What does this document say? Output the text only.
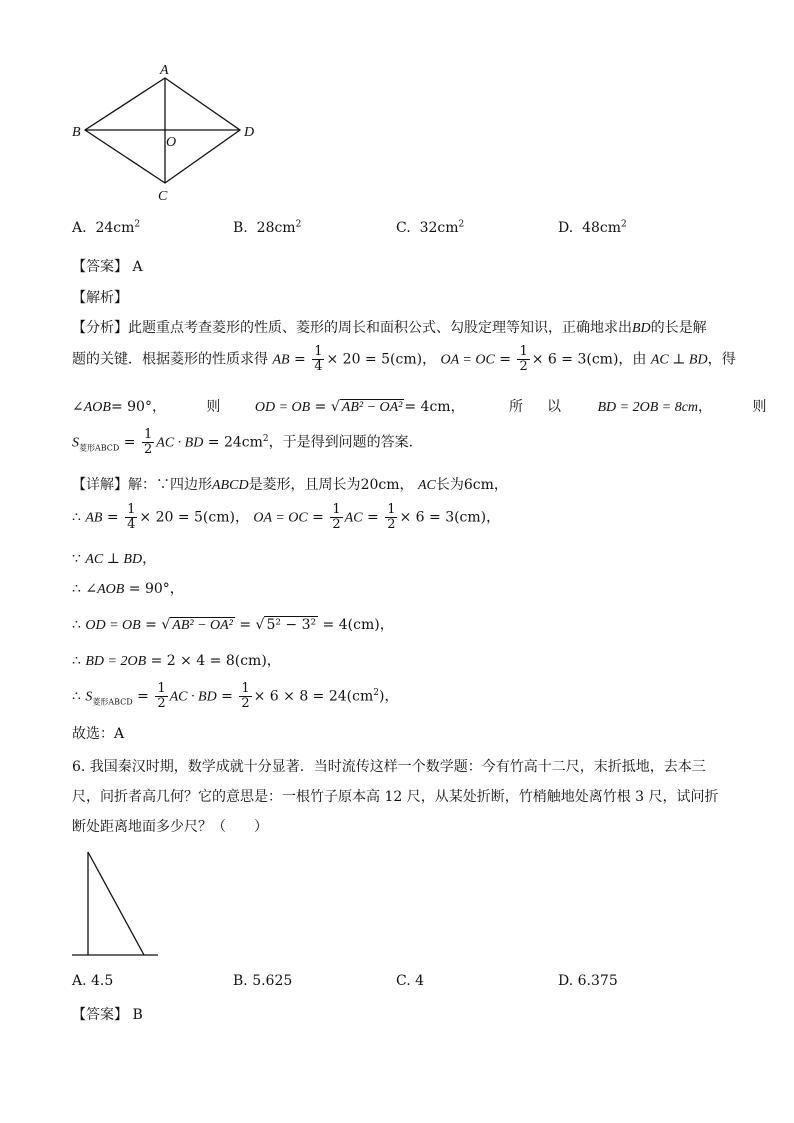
A
B
C
D
O
A. $24cm^2$	B. $28cm^2$	C. $32cm^2$	D. $48cm^2$
【答案】 A
【解析】
【分析】此题重点考查菱形的性质、菱形的周长和面积公式、勾股定理等知识，正确地求出BD的长是解
题的关键．根据菱形的性质求得 AB = $\frac{1}{4} \times 20 = 5(cm)$， OA = OC = $\frac{1}{2} \times 6 = 3(cm)$，由 AC ⊥ BD，得
∠AOB= 90°，	则 OD = OB = √ AB² − OA² = 4cm，	所 以	BD = 2OB = 8cm，	则
$S_{菱形ABCD} = \frac{1}{2}$ AC · BD = $24cm^2$，于是得到问题的答案．
【详解】解：∵四边形ABCD是菱形，且周长为20cm， AC长为6cm，
∴ AB = $\frac{1}{4} \times 20 = 5(cm)$， OA = OC = $\frac{1}{2}$ AC = $\frac{1}{2} \times 6 = 3(cm)$，
∵ AC ⊥ BD，
∴ ∠AOB = 90°，
∴ OD = OB = √ AB² − OA² = √ 5² − 3² = 4(cm)，
∴ BD = 2OB = 2 × 4 = 8(cm)，
∴ $S_{菱形ABCD} = \frac{1}{2}$ AC · BD = $\frac{1}{2} \times 6 \times 8 = 24(cm^2)$，
故选：A
6. 我国秦汉时期，数学成就十分显著．当时流传这样一个数学题：今有竹高十二尺，末折抵地，去本三
尺，问折者高几何？它的意思是：一根竹子原本高 12 尺，从某处折断，竹梢触地处离竹根 3 尺，试问折
断处距离地面多少尺？（　　）
A. 4.5	B. 5.625	C. 4	D. 6.375
【答案】 B
